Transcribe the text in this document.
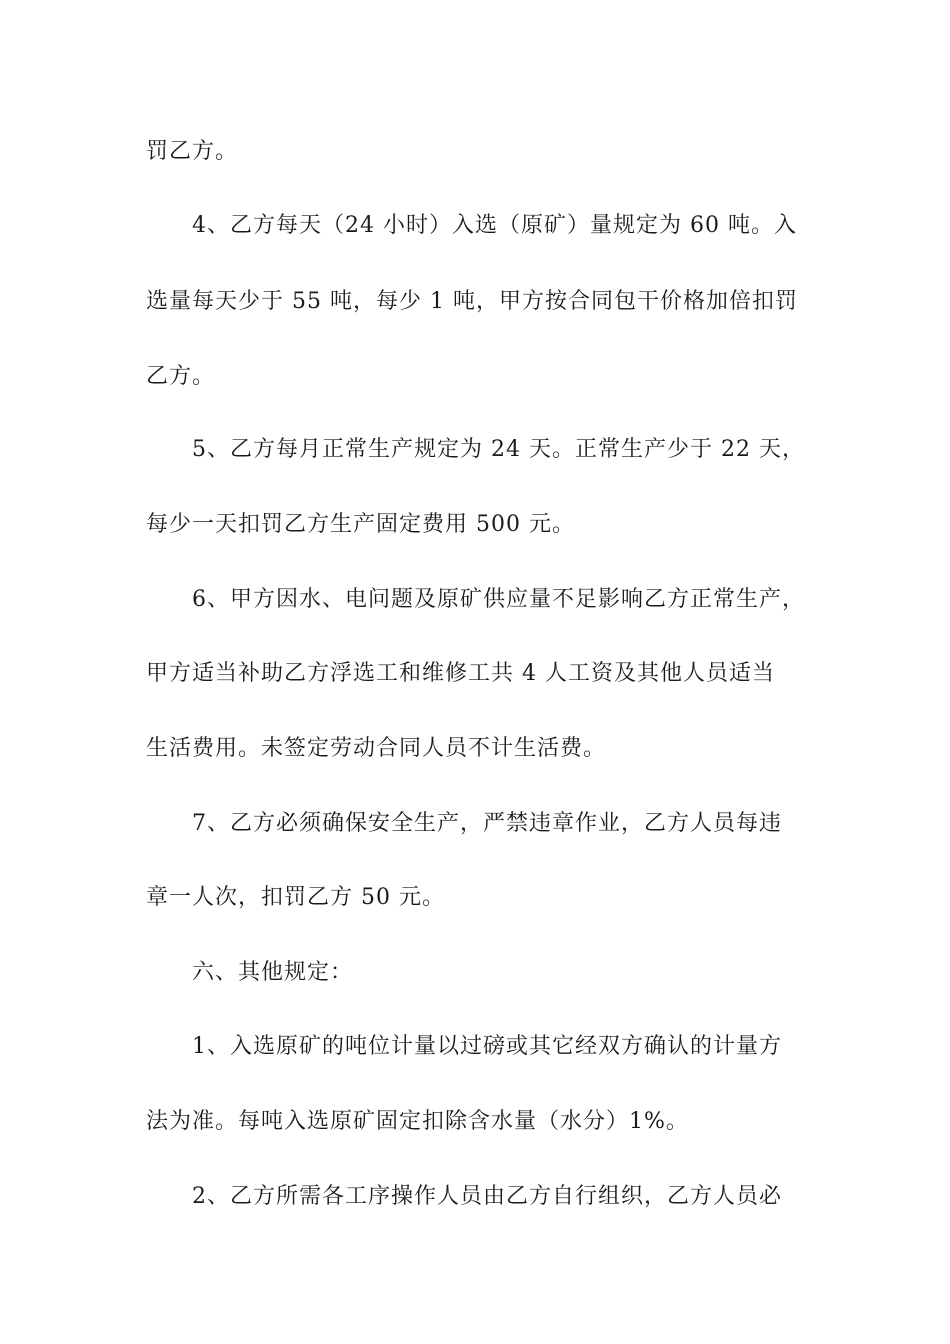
罚乙方。
4、乙方每天（24 小时）入选（原矿）量规定为 60 吨。入
选量每天少于 55 吨，每少 1 吨，甲方按合同包干价格加倍扣罚
乙方。
5、乙方每月正常生产规定为 24 天。正常生产少于 22 天，
每少一天扣罚乙方生产固定费用 500 元。
6、甲方因水、电问题及原矿供应量不足影响乙方正常生产，
甲方适当补助乙方浮选工和维修工共 4 人工资及其他人员适当
生活费用。未签定劳动合同人员不计生活费。
7、乙方必须确保安全生产，严禁违章作业，乙方人员每违
章一人次，扣罚乙方 50 元。
六、其他规定：
1、入选原矿的吨位计量以过磅或其它经双方确认的计量方
法为准。每吨入选原矿固定扣除含水量（水分）1%。
2、乙方所需各工序操作人员由乙方自行组织，乙方人员必
